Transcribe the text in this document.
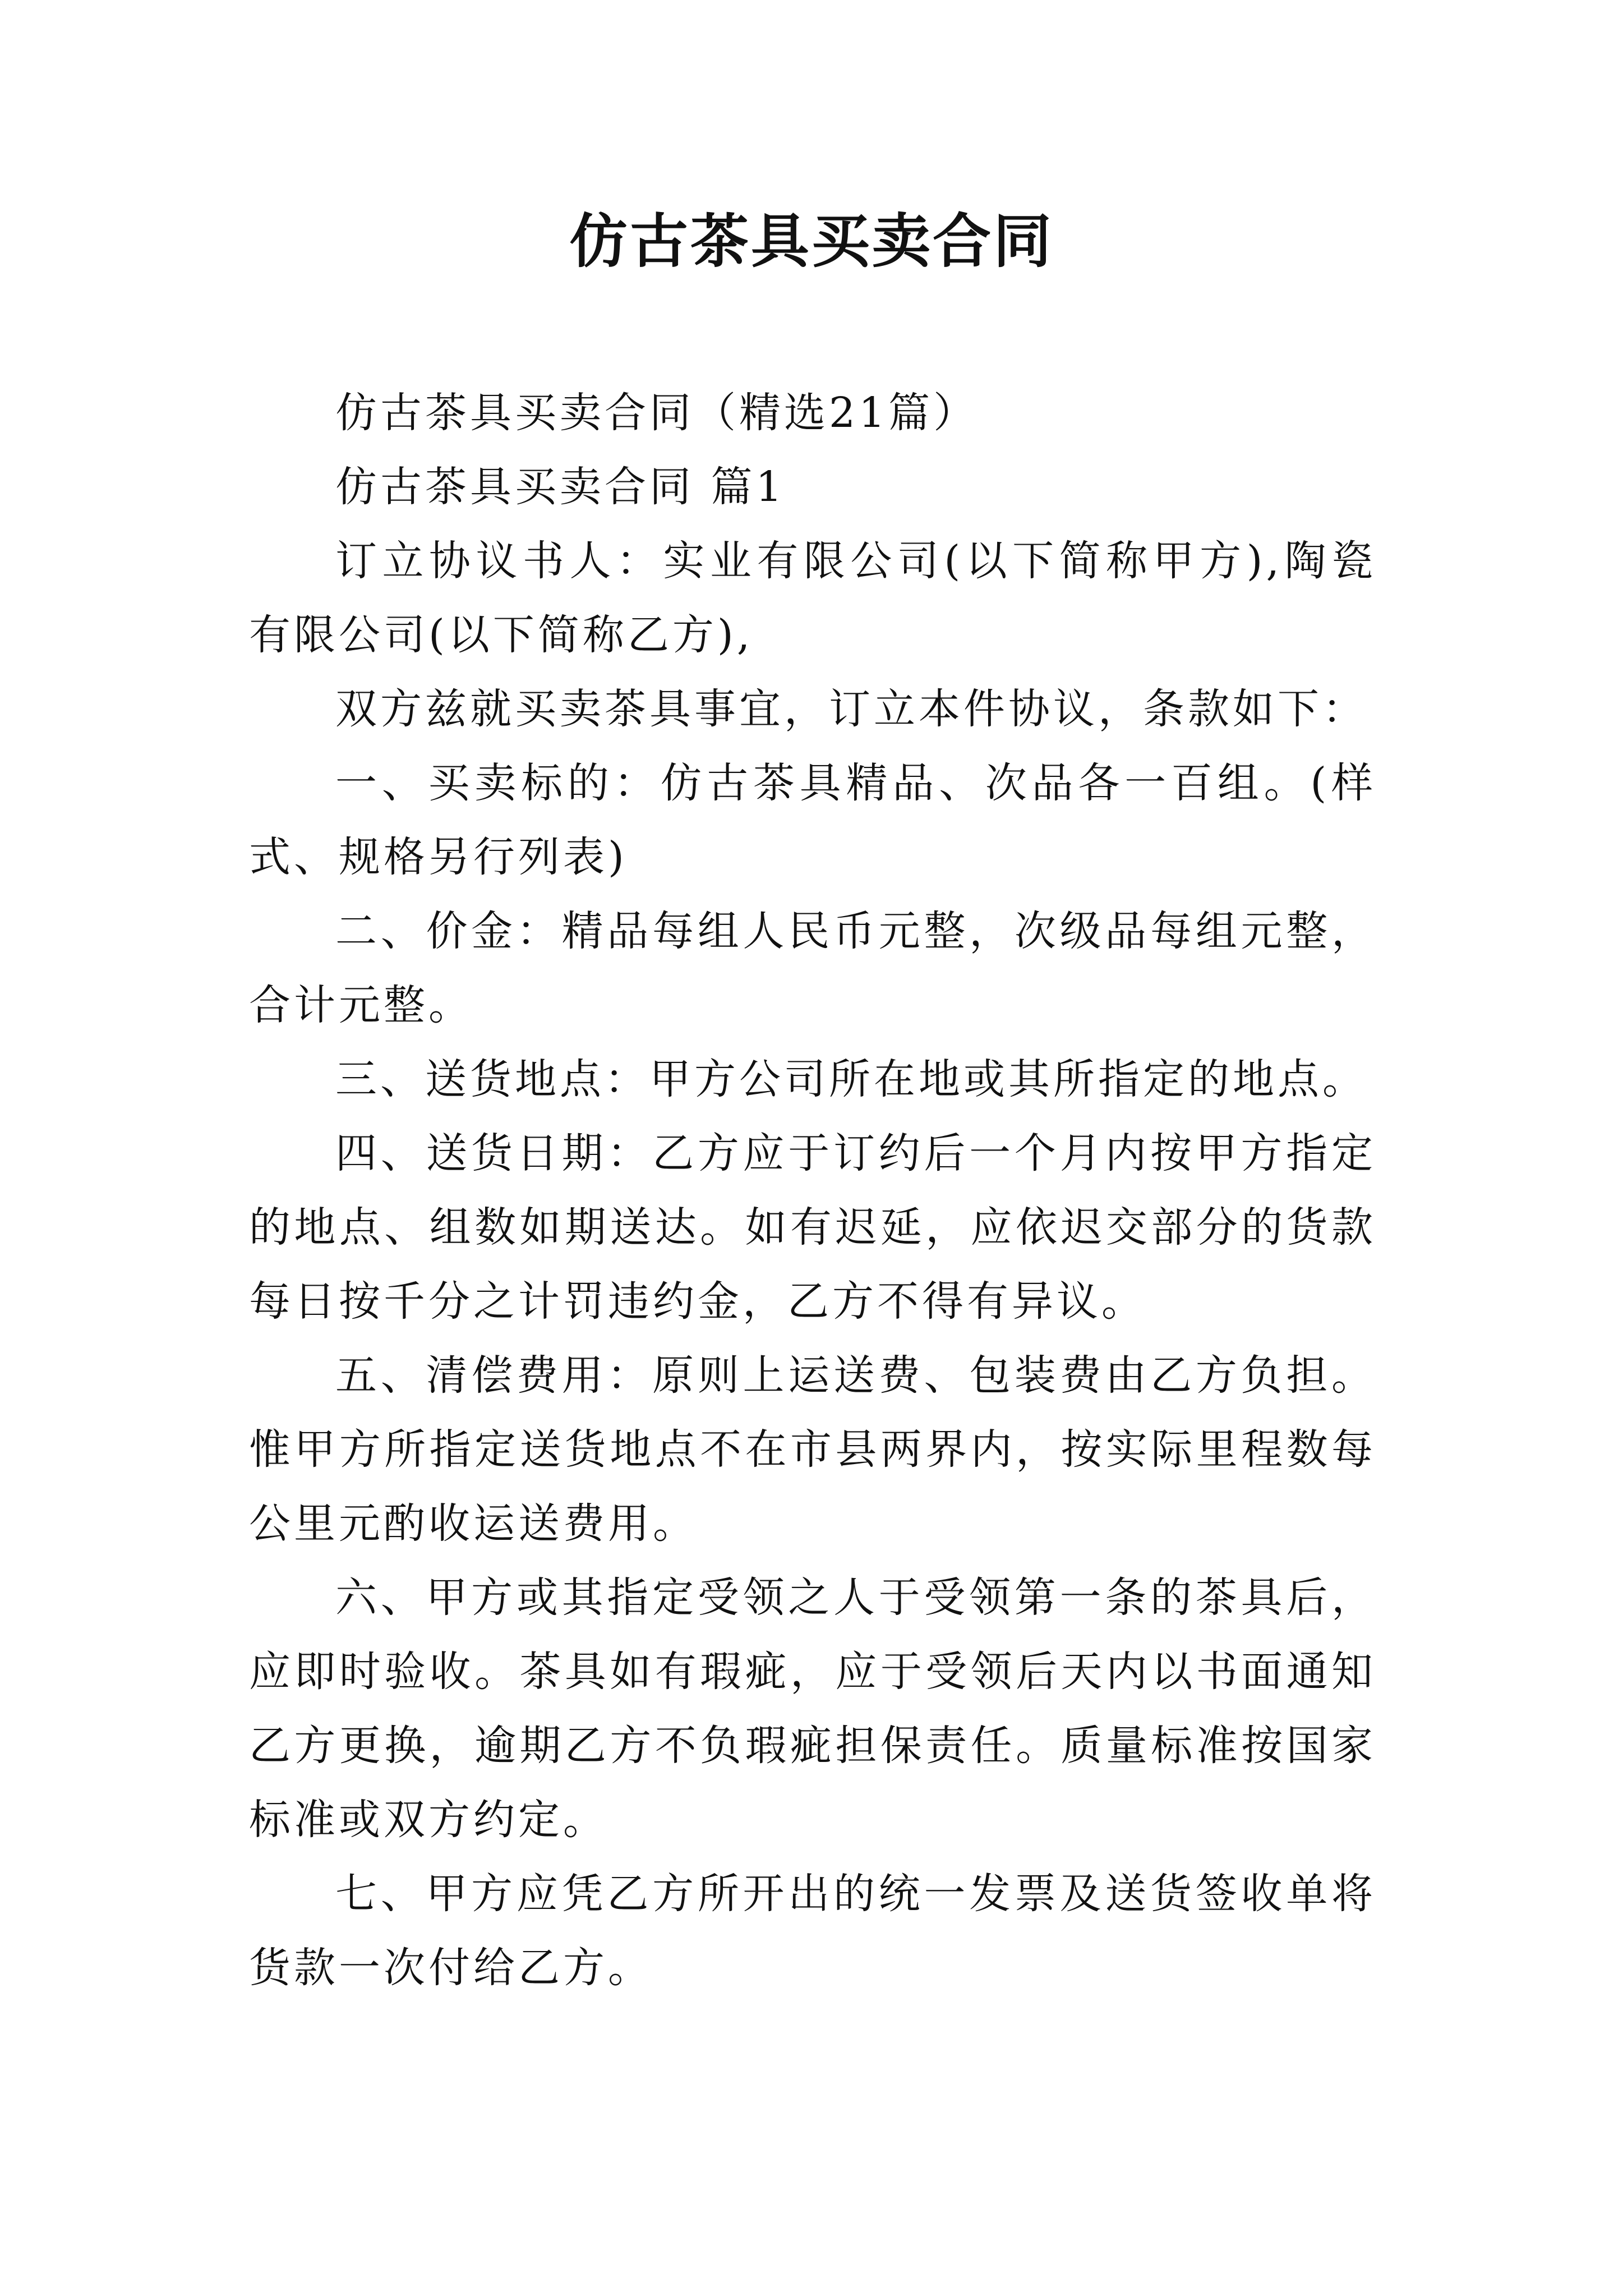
仿古茶具买卖合同

仿古茶具买卖合同（精选21篇）

仿古茶具买卖合同 篇1

订立协议书人：实业有限公司(以下简称甲方),陶瓷有限公司(以下简称乙方),

双方兹就买卖茶具事宜，订立本件协议，条款如下：

一、买卖标的：仿古茶具精品、次品各一百组。(样式、规格另行列表)

二、价金：精品每组人民币元整，次级品每组元整，合计元整。

三、送货地点：甲方公司所在地或其所指定的地点。

四、送货日期：乙方应于订约后一个月内按甲方指定的地点、组数如期送达。如有迟延，应依迟交部分的货款每日按千分之计罚违约金，乙方不得有异议。

五、清偿费用：原则上运送费、包装费由乙方负担。惟甲方所指定送货地点不在市县两界内，按实际里程数每公里元酌收运送费用。

六、甲方或其指定受领之人于受领第一条的茶具后，应即时验收。茶具如有瑕疵，应于受领后天内以书面通知乙方更换，逾期乙方不负瑕疵担保责任。质量标准按国家标准或双方约定。

七、甲方应凭乙方所开出的统一发票及送货签收单将货款一次付给乙方。
